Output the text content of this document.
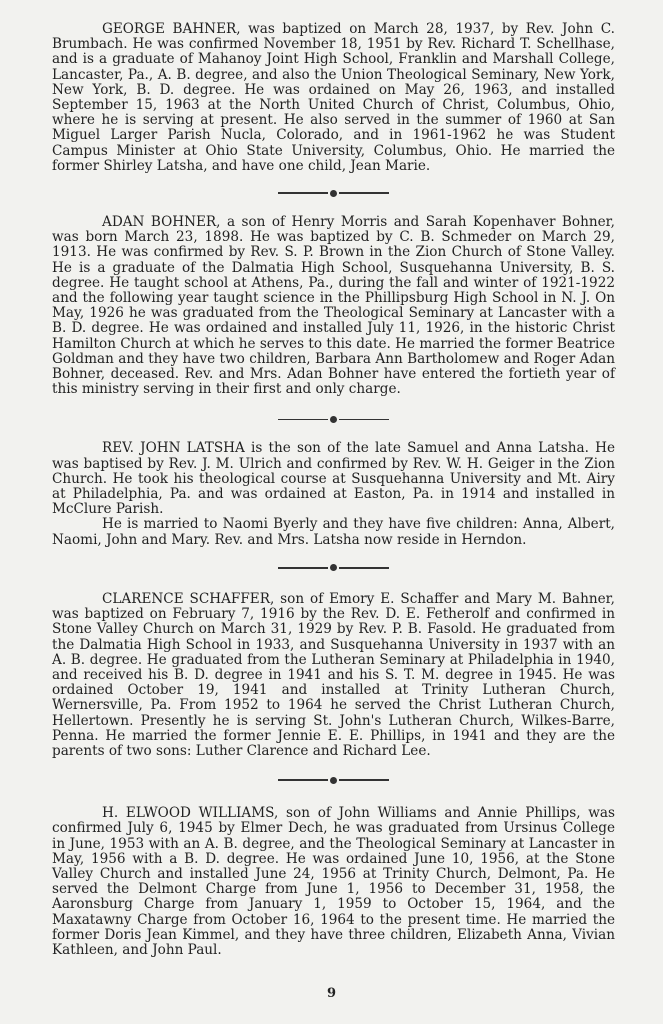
GEORGE BAHNER, was baptized on March 28, 1937, by Rev. John C. Brumbach. He was confirmed November 18, 1951 by Rev. Richard T. Schellhase, and is a graduate of Mahanoy Joint High School, Franklin and Marshall College, Lancaster, Pa., A. B. degree, and also the Union Theological Seminary, New York, New York, B. D. degree. He was ordained on May 26, 1963, and installed September 15, 1963 at the North United Church of Christ, Columbus, Ohio, where he is serving at present. He also served in the summer of 1960 at San Miguel Larger Parish Nucla, Colorado, and in 1961-1962 he was Student Campus Minister at Ohio State University, Columbus, Ohio. He married the former Shirley Latsha, and have one child, Jean Marie.

ADAN BOHNER, a son of Henry Morris and Sarah Kopenhaver Bohner, was born March 23, 1898. He was baptized by C. B. Schmeder on March 29, 1913. He was confirmed by Rev. S. P. Brown in the Zion Church of Stone Valley. He is a graduate of the Dalmatia High School, Susquehanna University, B. S. degree. He taught school at Athens, Pa., during the fall and winter of 1921-1922 and the following year taught science in the Phillipsburg High School in N. J. On May, 1926 he was graduated from the Theological Seminary at Lancaster with a B. D. degree. He was ordained and installed July 11, 1926, in the historic Christ Hamilton Church at which he serves to this date. He married the former Beatrice Goldman and they have two children, Barbara Ann Bartholomew and Roger Adan Bohner, deceased. Rev. and Mrs. Adan Bohner have entered the fortieth year of this ministry serving in their first and only charge.

REV. JOHN LATSHA is the son of the late Samuel and Anna Latsha. He was baptised by Rev. J. M. Ulrich and confirmed by Rev. W. H. Geiger in the Zion Church. He took his theological course at Susquehanna University and Mt. Airy at Philadelphia, Pa. and was ordained at Easton, Pa. in 1914 and installed in McClure Parish.

He is married to Naomi Byerly and they have five children: Anna, Albert, Naomi, John and Mary. Rev. and Mrs. Latsha now reside in Herndon.

CLARENCE SCHAFFER, son of Emory E. Schaffer and Mary M. Bahner, was baptized on February 7, 1916 by the Rev. D. E. Fetherolf and confirmed in Stone Valley Church on March 31, 1929 by Rev. P. B. Fasold. He graduated from the Dalmatia High School in 1933, and Susquehanna University in 1937 with an A. B. degree. He graduated from the Lutheran Seminary at Philadelphia in 1940, and received his B. D. degree in 1941 and his S. T. M. degree in 1945. He was ordained October 19, 1941 and installed at Trinity Lutheran Church, Wernersville, Pa. From 1952 to 1964 he served the Christ Lutheran Church, Hellertown. Presently he is serving St. John's Lutheran Church, Wilkes-Barre, Penna. He married the former Jennie E. E. Phillips, in 1941 and they are the parents of two sons: Luther Clarence and Richard Lee.

H. ELWOOD WILLIAMS, son of John Williams and Annie Phillips, was confirmed July 6, 1945 by Elmer Dech, he was graduated from Ursinus College in June, 1953 with an A. B. degree, and the Theological Seminary at Lancaster in May, 1956 with a B. D. degree. He was ordained June 10, 1956, at the Stone Valley Church and installed June 24, 1956 at Trinity Church, Delmont, Pa. He served the Delmont Charge from June 1, 1956 to December 31, 1958, the Aaronsburg Charge from January 1, 1959 to October 15, 1964, and the Maxatawny Charge from October 16, 1964 to the present time. He married the former Doris Jean Kimmel, and they have three children, Elizabeth Anna, Vivian Kathleen, and John Paul.

9
